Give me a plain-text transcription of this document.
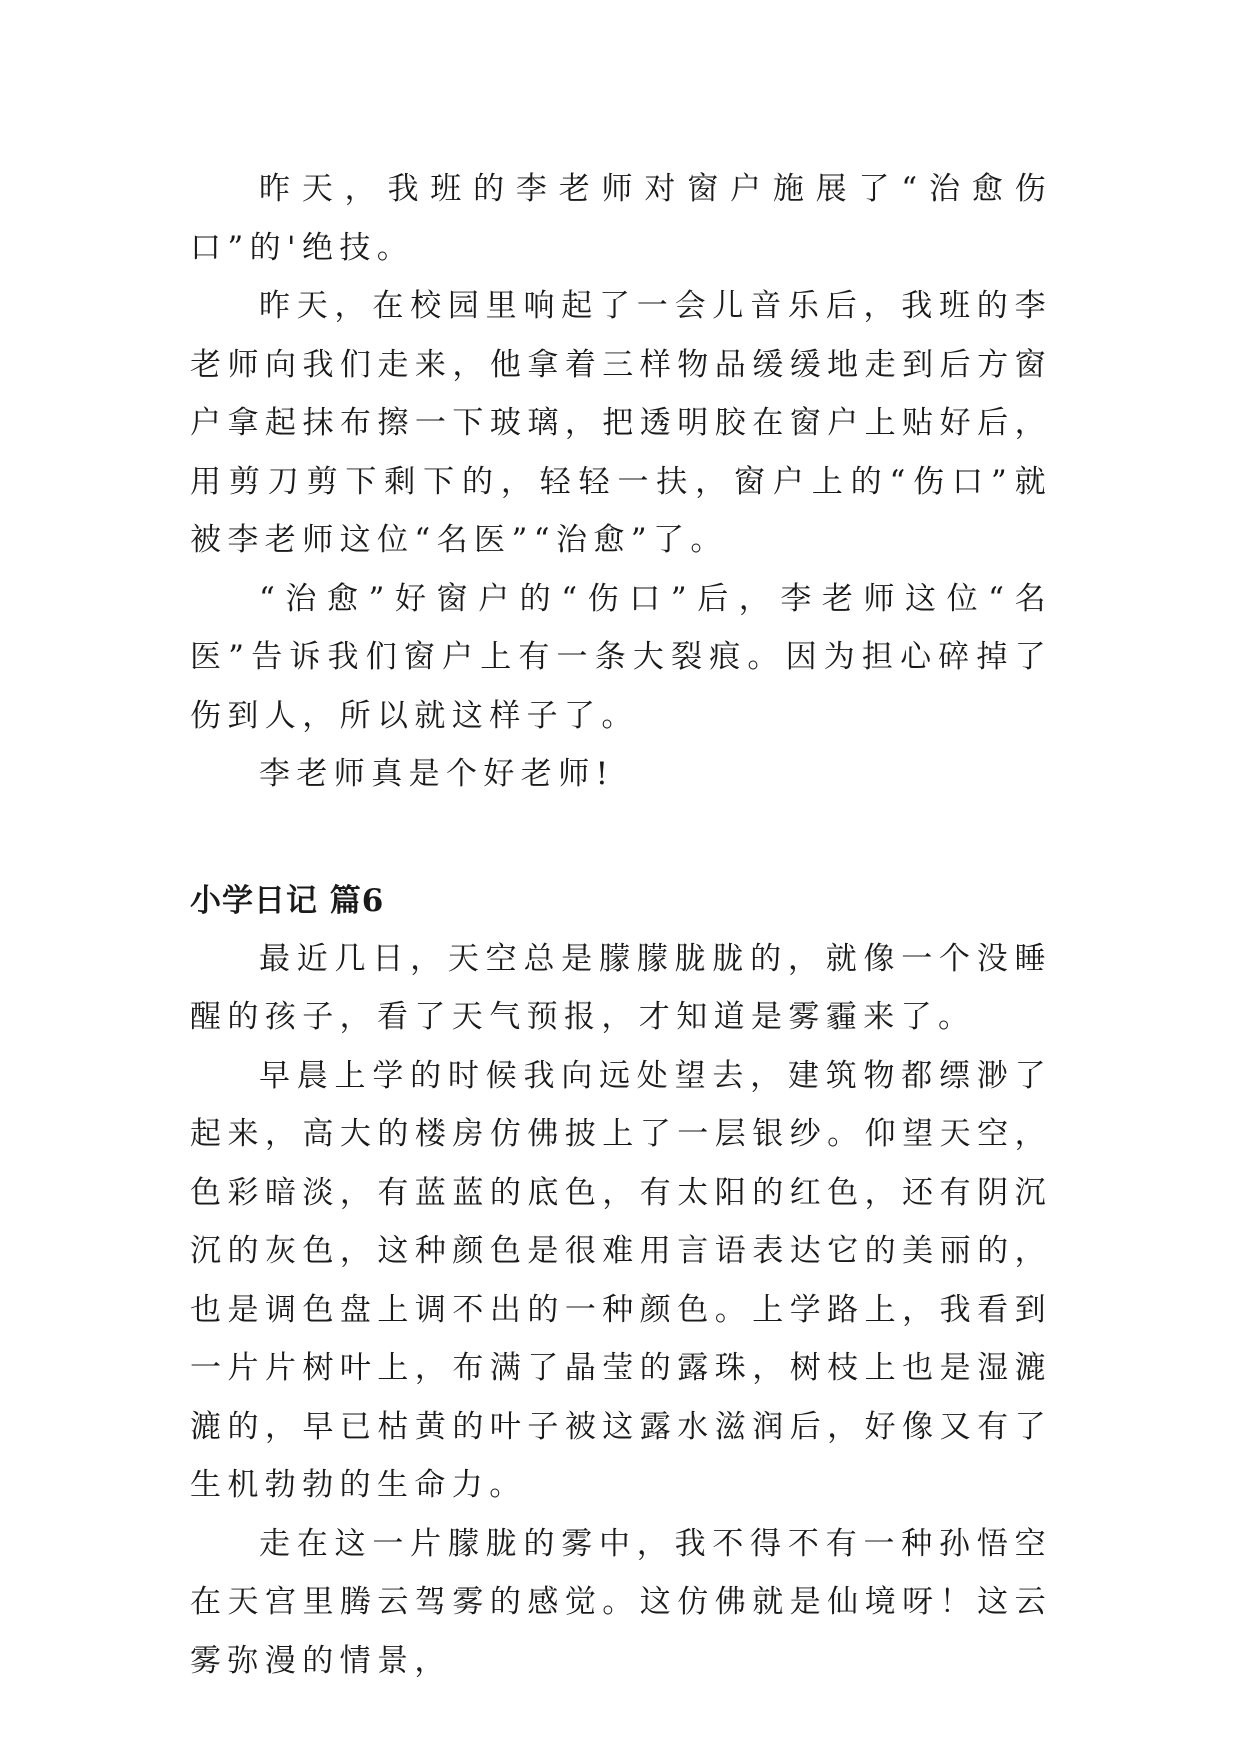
昨天，我班的李老师对窗户施展了“治愈伤口”的'绝技。

昨天，在校园里响起了一会儿音乐后，我班的李老师向我们走来，他拿着三样物品缓缓地走到后方窗户拿起抹布擦一下玻璃，把透明胶在窗户上贴好后，用剪刀剪下剩下的，轻轻一扶，窗户上的“伤口”就被李老师这位“名医”“治愈”了。

“治愈”好窗户的“伤口”后，李老师这位“名医”告诉我们窗户上有一条大裂痕。因为担心碎掉了伤到人，所以就这样子了。

李老师真是个好老师!

小学日记 篇6

最近几日，天空总是朦朦胧胧的，就像一个没睡醒的孩子，看了天气预报，才知道是雾霾来了。

早晨上学的时候我向远处望去，建筑物都缥渺了起来，高大的楼房仿佛披上了一层银纱。仰望天空，色彩暗淡，有蓝蓝的底色，有太阳的红色，还有阴沉沉的灰色，这种颜色是很难用言语表达它的美丽的，也是调色盘上调不出的一种颜色。上学路上，我看到一片片树叶上，布满了晶莹的露珠，树枝上也是湿漉漉的，早已枯黄的叶子被这露水滋润后，好像又有了生机勃勃的生命力。

走在这一片朦胧的雾中，我不得不有一种孙悟空在天宫里腾云驾雾的感觉。这仿佛就是仙境呀！这云雾弥漫的情景，
